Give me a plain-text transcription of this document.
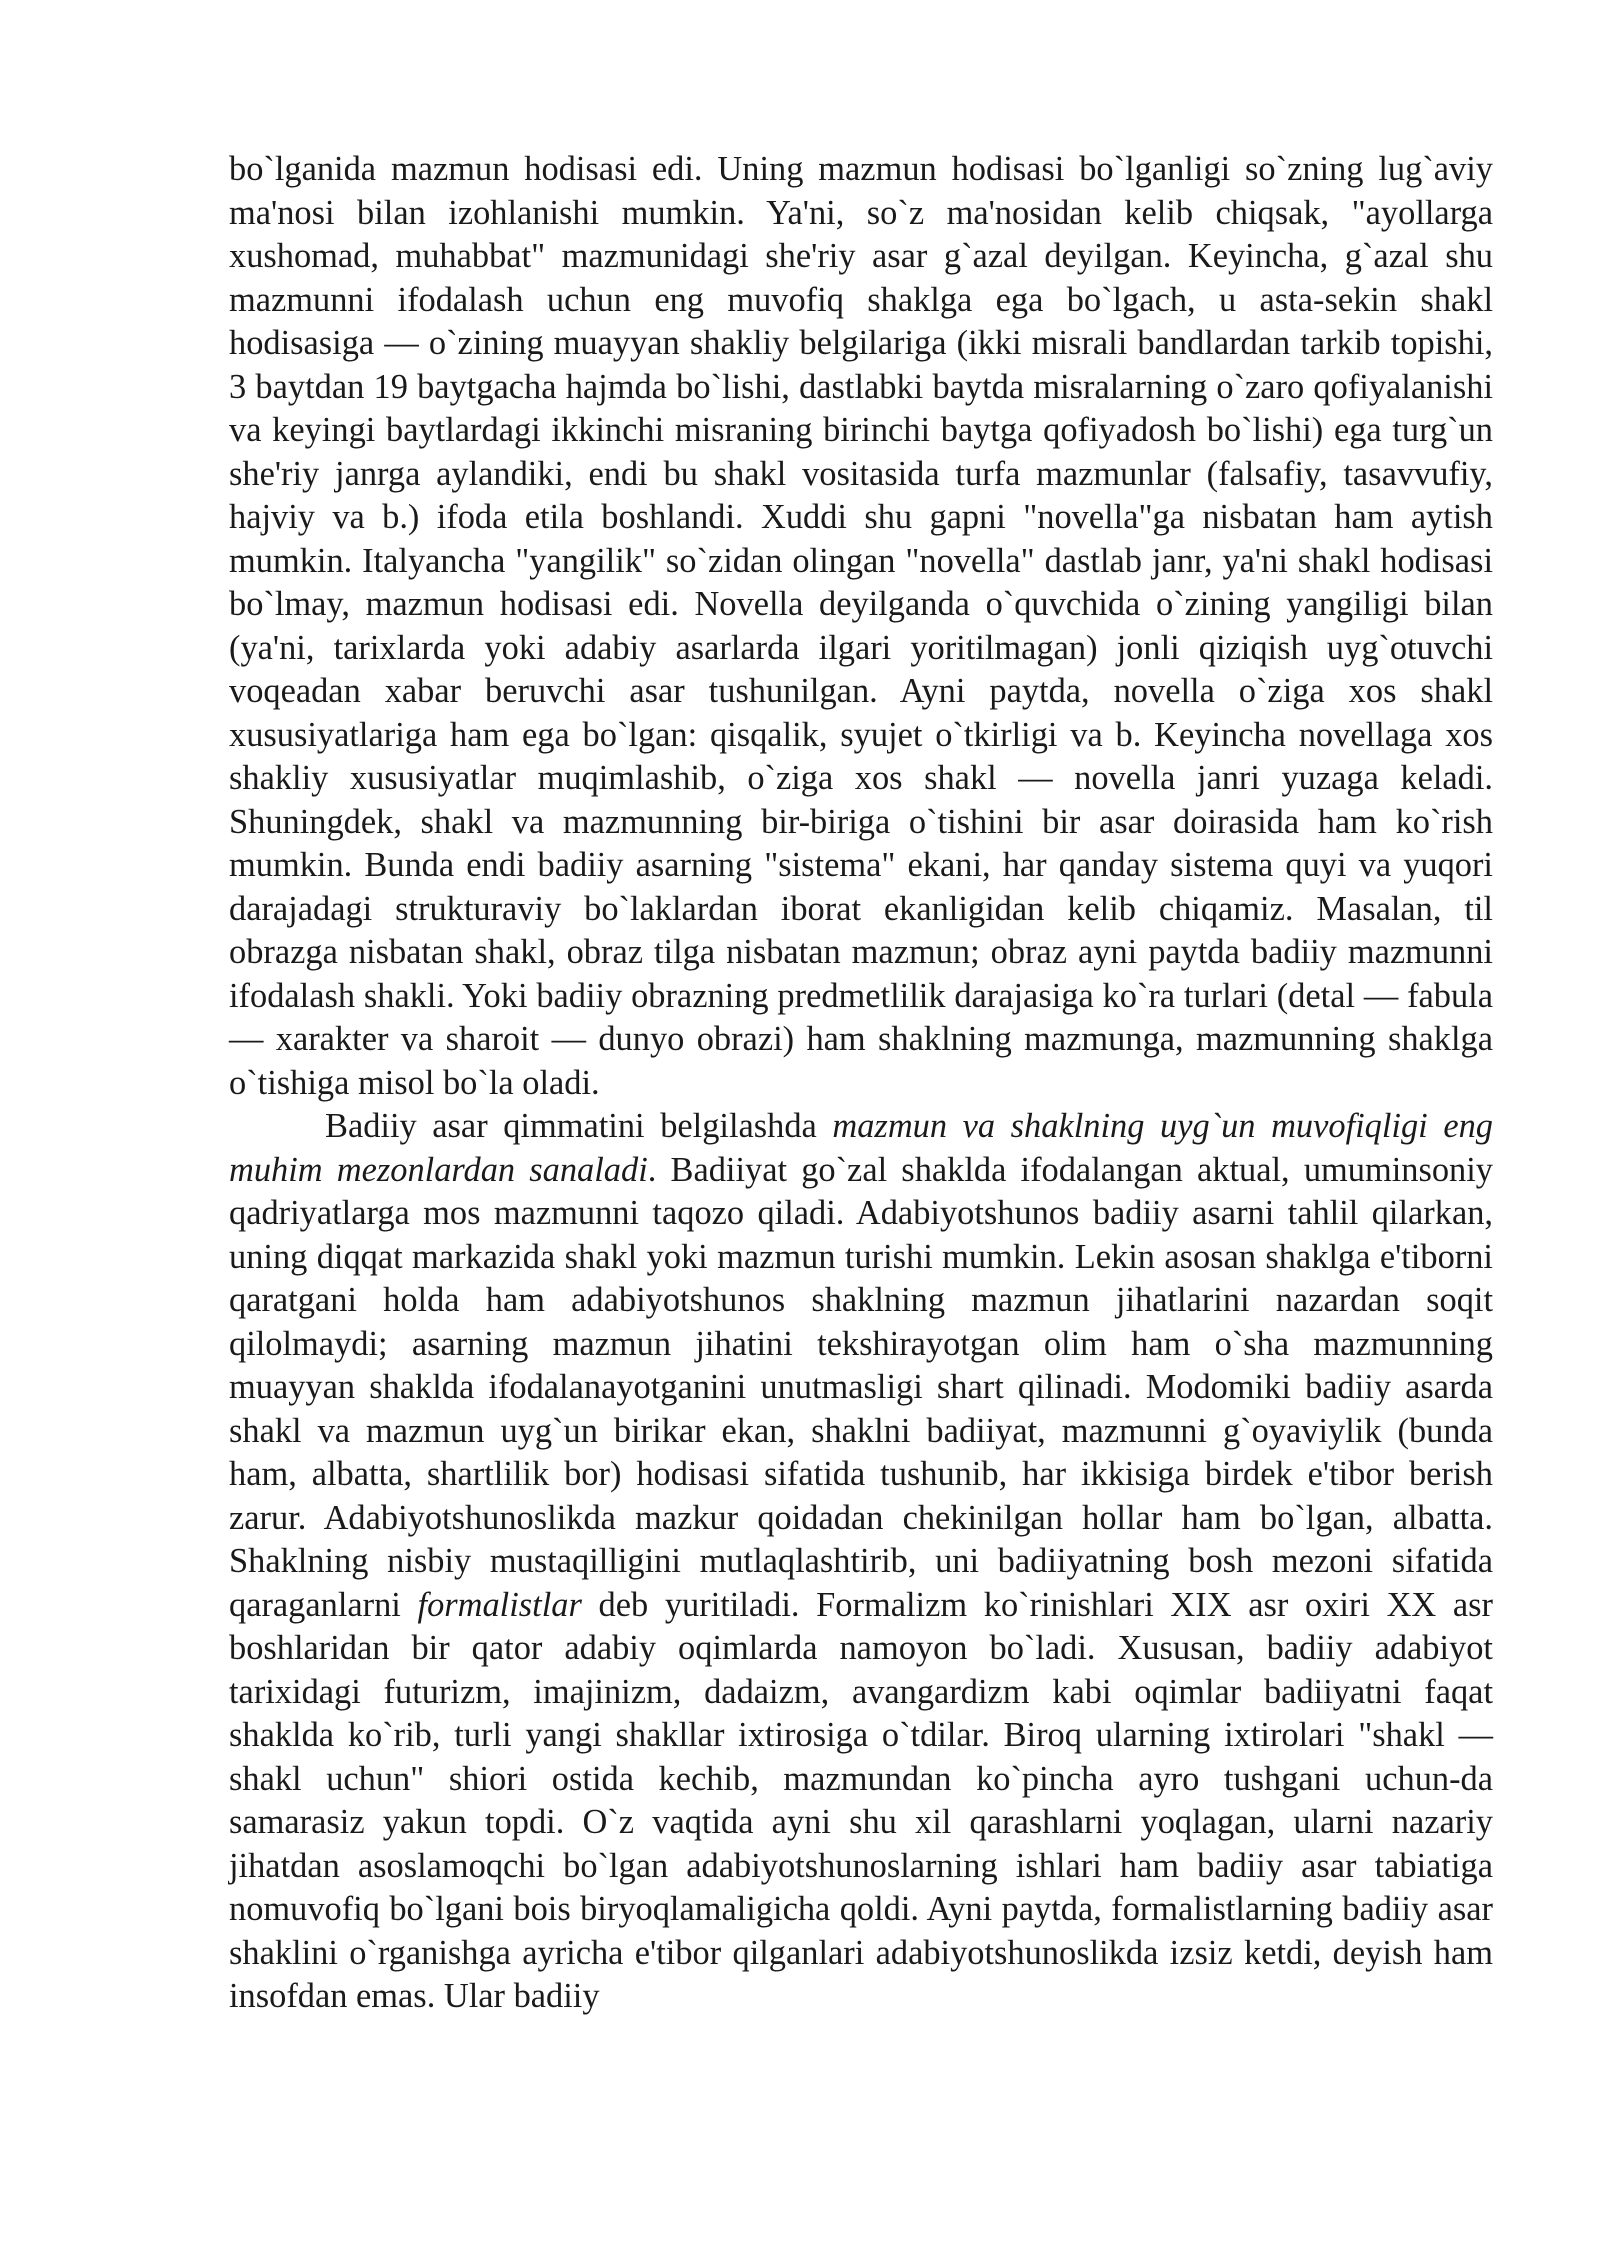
bo`lganida mazmun hodisasi edi. Uning mazmun hodisasi bo`lganligi so`zning lug`aviy ma'nosi bilan izohlanishi mumkin. Ya'ni, so`z ma'nosidan kelib chiqsak, "ayollarga xushomad, muhabbat" mazmunidagi she'riy asar g`azal deyilgan. Keyincha, g`azal shu mazmunni ifodalash uchun eng muvofiq shaklga ega bo`lgach, u asta-sekin shakl hodisasiga — o`zining muayyan shakliy belgilariga (ikki misrali bandlardan tarkib topishi, 3 baytdan 19 baytgacha hajmda bo`lishi, dastlabki baytda misralarning o`zaro qofiyalanishi va keyingi baytlardagi ikkinchi misraning birinchi baytga qofiyadosh bo`lishi) ega turg`un she'riy janrga aylandiki, endi bu shakl vositasida turfa mazmunlar (falsafiy, tasavvufiy, hajviy va b.) ifoda etila boshlandi. Xuddi shu gapni "novella"ga nisbatan ham aytish mumkin. Italyancha "yangilik" so`zidan olingan "novella" dastlab janr, ya'ni shakl hodisasi bo`lmay, mazmun hodisasi edi. Novella deyilganda o`quvchida o`zining yangiligi bilan (ya'ni, tarixlarda yoki adabiy asarlarda ilgari yoritilmagan) jonli qiziqish uyg`otuvchi voqeadan xabar beruvchi asar tushunilgan. Ayni paytda, novella o`ziga xos shakl xususiyatlariga ham ega bo`lgan: qisqalik, syujet o`tkirligi va b. Keyincha novellaga xos shakliy xususiyatlar muqimlashib, o`ziga xos shakl — novella janri yuzaga keladi. Shuningdek, shakl va mazmunning bir-biriga o`tishini bir asar doirasida ham ko`rish mumkin. Bunda endi badiiy asarning "sistema" ekani, har qanday sistema quyi va yuqori darajadagi strukturaviy bo`laklardan iborat ekanligidan kelib chiqamiz. Masalan, til obrazga nisbatan shakl, obraz tilga nisbatan mazmun; obraz ayni paytda badiiy mazmunni ifodalash shakli. Yoki badiiy obrazning predmetlilik darajasiga ko`ra turlari (detal — fabula — xarakter va sharoit — dunyo obrazi) ham shaklning mazmunga, mazmunning shaklga o`tishiga misol bo`la oladi.

Badiiy asar qimmatini belgilashda mazmun va shaklning uyg`un muvofiqligi eng muhim mezonlardan sanaladi. Badiiyat go`zal shaklda ifodalangan aktual, umuminsoniy qadriyatlarga mos mazmunni taqozo qiladi. Adabiyotshunos badiiy asarni tahlil qilarkan, uning diqqat markazida shakl yoki mazmun turishi mumkin. Lekin asosan shaklga e'tiborni qaratgani holda ham adabiyotshunos shaklning mazmun jihatlarini nazardan soqit qilolmaydi; asarning mazmun jihatini tekshirayotgan olim ham o`sha mazmunning muayyan shaklda ifodalanayotganini unutmasligi shart qilinadi. Modomiki badiiy asarda shakl va mazmun uyg`un birikar ekan, shaklni badiiyat, mazmunni g`oyaviylik (bunda ham, albatta, shartlilik bor) hodisasi sifatida tushunib, har ikkisiga birdek e'tibor berish zarur. Adabiyotshunoslikda mazkur qoidadan chekinilgan hollar ham bo`lgan, albatta. Shaklning nisbiy mustaqilligini mutlaqlashtirib, uni badiiyatning bosh mezoni sifatida qaraganlarni formalistlar deb yuritiladi. Formalizm ko`rinishlari XIX asr oxiri XX asr boshlaridan bir qator adabiy oqimlarda namoyon bo`ladi. Xususan, badiiy adabiyot tarixidagi futurizm, imajinizm, dadaizm, avangardizm kabi oqimlar badiiyatni faqat shaklda ko`rib, turli yangi shakllar ixtirosiga o`tdilar. Biroq ularning ixtirolari "shakl — shakl uchun" shiori ostida kechib, mazmundan ko`pincha ayro tushgani uchun-da samarasiz yakun topdi. O`z vaqtida ayni shu xil qarashlarni yoqlagan, ularni nazariy jihatdan asoslamoqchi bo`lgan adabiyotshunoslarning ishlari ham badiiy asar tabiatiga nomuvofiq bo`lgani bois biryoqlamaligicha qoldi. Ayni paytda, formalistlarning badiiy asar shaklini o`rganishga ayricha e'tibor qilganlari adabiyotshunoslikda izsiz ketdi, deyish ham insofdan emas. Ular badiiy
